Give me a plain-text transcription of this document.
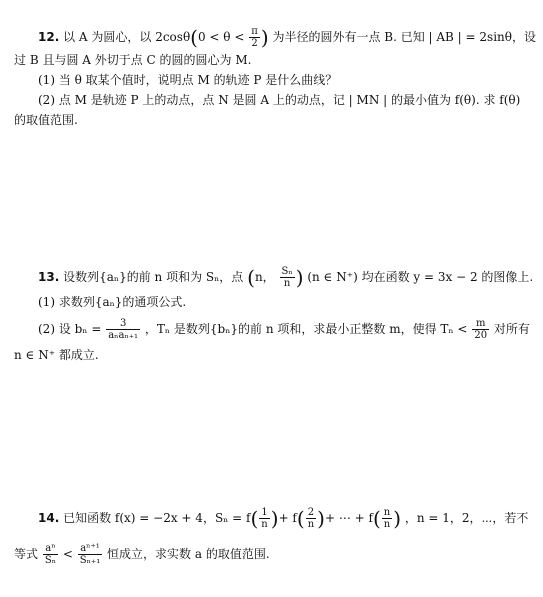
12. 以 A 为圆心，以 $2\cos\theta(0 < \theta < \frac{\pi}{2}$ ) 为半径的圆外有一点 B. 已知 | AB | = 2sinθ，设
过 B 且与圆 A 外切于点 C 的圆的圆心为 M.
(1) 当 θ 取某个值时，说明点 M 的轨迹 P 是什么曲线？
(2) 点 M 是轨迹 P 上的动点，点 N 是圆 A 上的动点，记 | MN | 的最小值为 f(θ). 求 f(θ)
的取值范围.
13. 设数列{aₙ}的前 n 项和为 Sₙ，点 (n， $\frac{\text{Sₙ}}{n}$ ) (n ∈ N⁺) 均在函数 y = 3x − 2 的图像上.
(1) 求数列{aₙ}的通项公式.
(2) 设 $b_n = \frac{3}{\text{aₙaₙ₊₁}}$ ，Tₙ 是数列{bₙ}的前 n 项和，求最小正整数 m，使得 $T_n < \frac{m}{20}$ 对所有
n ∈ N⁺ 都成立.
14. 已知函数 f(x) = −2x + 4，$S_n = f( \frac{1}{n}$ )+ $f( \frac{2}{n}$ )+ ⋯ + $f( \frac{n}{n}$ ) ，n = 1，2，⋯，若不
等式 $\frac{\text{aⁿ}}{\text{Sₙ}} < \frac{\text{aⁿ⁺¹}}{\text{Sₙ₊₁}}$ 恒成立，求实数 a 的取值范围.
